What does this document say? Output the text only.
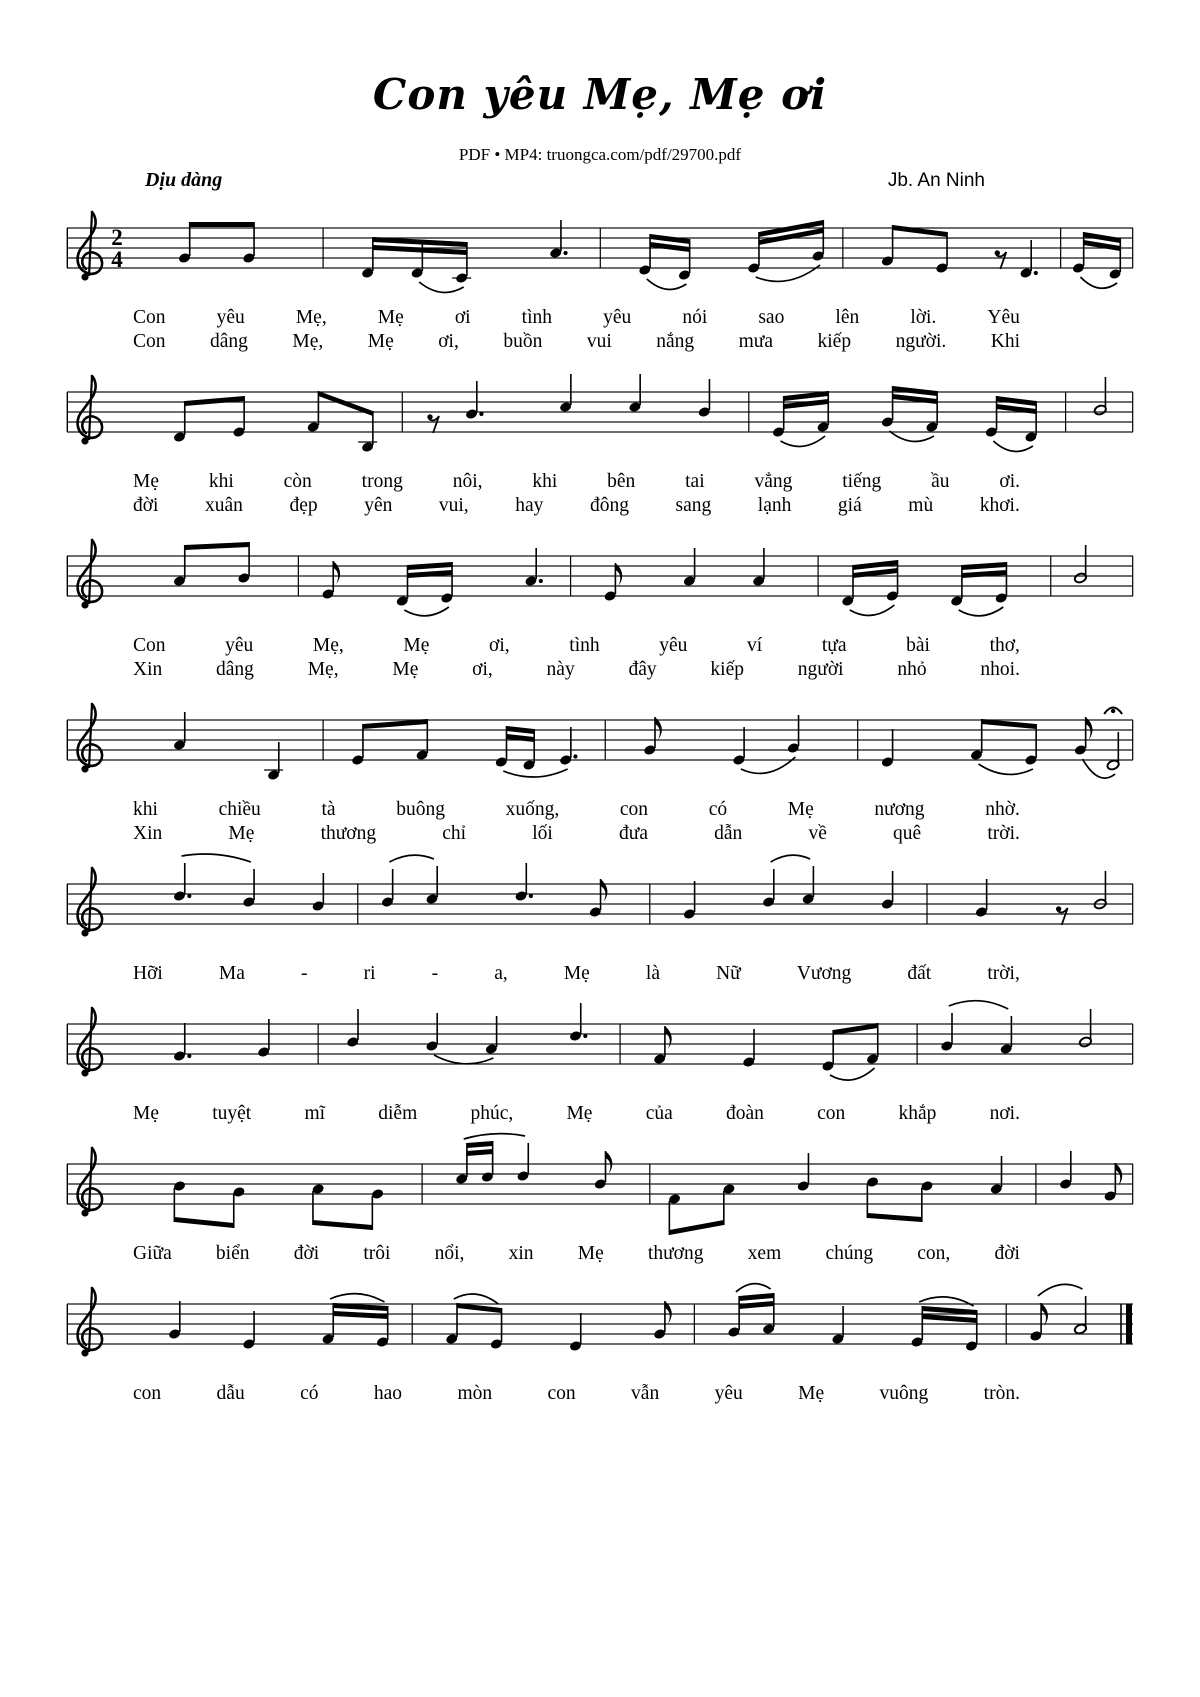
Con yêu Mẹ, Mẹ ơi
PDF • MP4: truongca.com/pdf/29700.pdf
Dịu dàng	Jb. An Ninh
2
4
Con	yêu	Mẹ,	Mẹ	ơi	tình	yêu	nói	sao	lên	lời.	Yêu
Con dâng Mẹ, Mẹ ơi, buồn vui nắng mưa kiếp người. Khi
Mẹ	khi	còn	trong	nôi,	khi	bên	tai	vẳng	tiếng	ầu	ơi.
đời xuân đẹp yên vui, hay đông sang lạnh giá mù khơi.
Con	yêu	Mẹ,	Mẹ	ơi,	tình	yêu	ví	tựa	bài	thơ,
Xin	dâng	Mẹ,	Mẹ	ơi,	này	đây	kiếp	người	nhỏ	nhoi.
khi	chiều	tà	buông	xuống,	con	có	Mẹ	nương	nhờ.
Xin	Mẹ	thương	chỉ	lối	đưa	dẫn	về	quê	trời.
Hỡi	Ma	-	ri	-	a,	Mẹ	là	Nữ	Vương	đất	trời,
Mẹ	tuyệt	mĩ	diễm	phúc,	Mẹ	của	đoàn	con	khắp	nơi.
Giữa biển đời trôi nổi, xin Mẹ thương xem chúng con, đời
con	dẫu	có	hao	mòn	con	vẫn	yêu	Mẹ	vuông	tròn.
